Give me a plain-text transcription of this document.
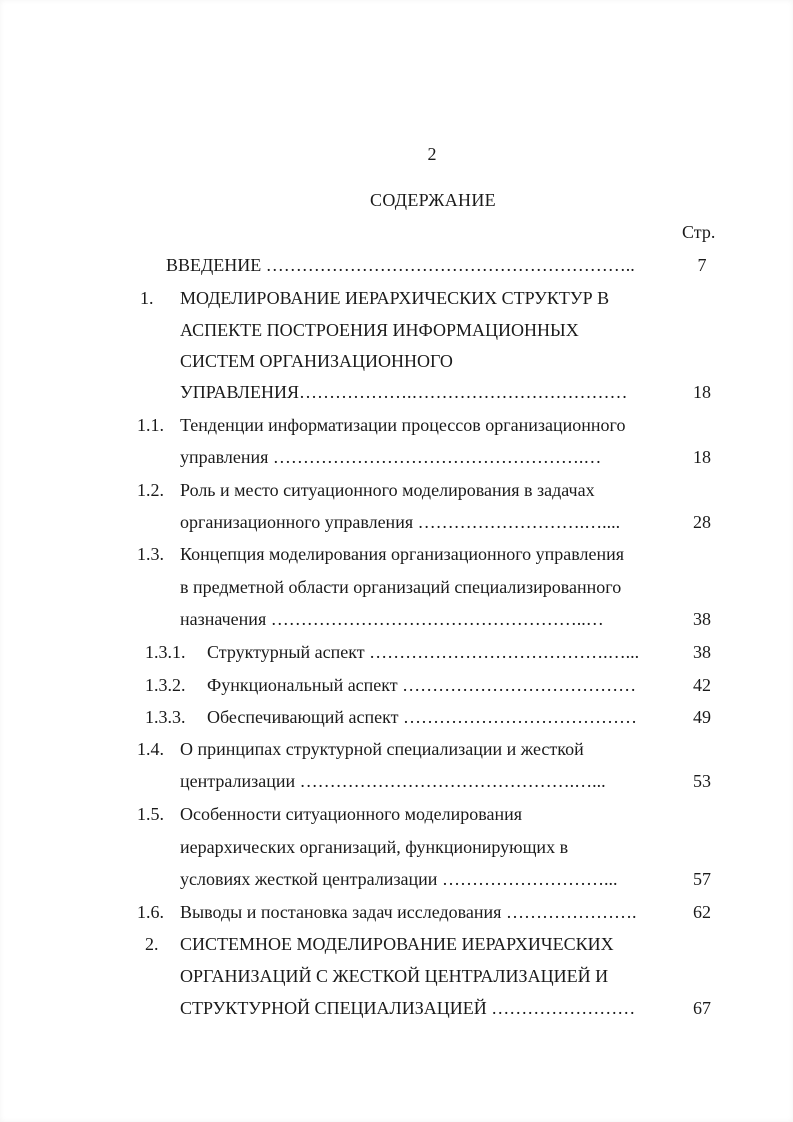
2
СОДЕРЖАНИЕ
Стр.
ВВЕДЕНИЕ ……………………………………………………..	7
1. МОДЕЛИРОВАНИЕ ИЕРАРХИЧЕСКИХ СТРУКТУР В
АСПЕКТЕ ПОСТРОЕНИЯ ИНФОРМАЦИОННЫХ
СИСТЕМ ОРГАНИЗАЦИОННОГО
УПРАВЛЕНИЯ……………….………………………………	18
1.1. Тенденции информатизации процессов организационного
управления …………………………………………….…	18
1.2. Роль и место ситуационного моделирования в задачах
организационного управления ……………………….…....	28
1.3. Концепция моделирования организационного управления
в предметной области организаций специализированного
назначения ……………………………………………..…	38
1.3.1. Структурный аспект ………………………………….…...	38
1.3.2. Функциональный аспект …………………………………	42
1.3.3. Обеспечивающий аспект …………………………………	49
1.4. О принципах структурной специализации и жесткой
централизации ……………………………………….…...	53
1.5. Особенности ситуационного моделирования
иерархических организаций, функционирующих в
условиях жесткой централизации ………………………...	57
1.6. Выводы и постановка задач исследования ………………….	62
2. СИСТЕМНОЕ МОДЕЛИРОВАНИЕ ИЕРАРХИЧЕСКИХ
ОРГАНИЗАЦИЙ С ЖЕСТКОЙ ЦЕНТРАЛИЗАЦИЕЙ И
СТРУКТУРНОЙ СПЕЦИАЛИЗАЦИЕЙ ……………………	67
